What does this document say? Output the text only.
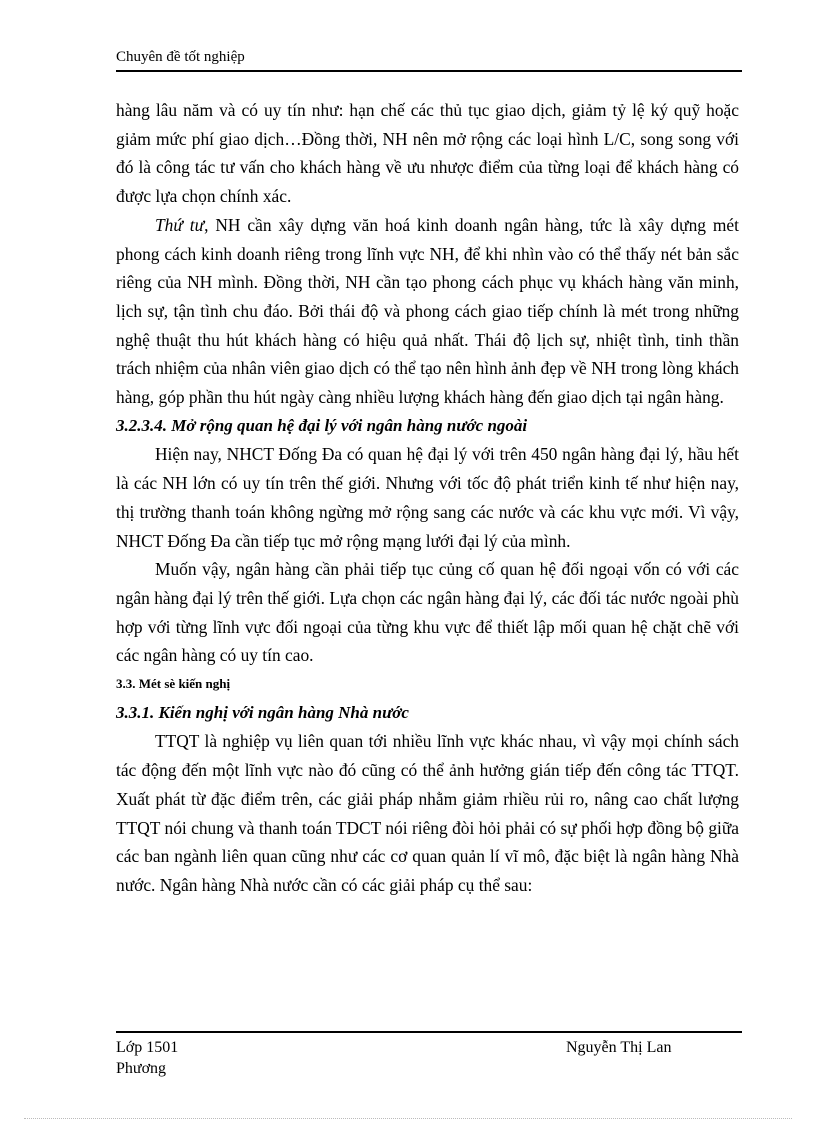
Chuyên đề tốt nghiệp

hàng lâu năm và có uy tín như: hạn chế các thủ tục giao dịch, giảm tỷ lệ ký quỹ hoặc giảm mức phí giao dịch…Đồng thời, NH nên mở rộng các loại hình L/C, song song với đó là công tác tư vấn cho khách hàng về ưu nhược điểm của từng loại để khách hàng có được lựa chọn chính xác.

Thứ tư, NH cần xây dựng văn hoá kinh doanh ngân hàng, tức là xây dựng mét phong cách kinh doanh riêng trong lĩnh vực NH, để khi nhìn vào có thể thấy nét bản sắc riêng của NH mình. Đồng thời, NH cần tạo phong cách phục vụ khách hàng văn minh, lịch sự, tận tình chu đáo. Bởi thái độ và phong cách giao tiếp chính là mét trong những nghệ thuật thu hút khách hàng có hiệu quả nhất. Thái độ lịch sự, nhiệt tình, tinh thần trách nhiệm của nhân viên giao dịch có thể tạo nên hình ảnh đẹp về NH trong lòng khách hàng, góp phần thu hút ngày càng nhiều lượng khách hàng đến giao dịch tại ngân hàng.

3.2.3.4. Mở rộng quan hệ đại lý với ngân hàng nước ngoài

Hiện nay, NHCT Đống Đa có quan hệ đại lý với trên 450 ngân hàng đại lý, hầu hết là các NH lớn có uy tín trên thế giới. Nhưng với tốc độ phát triển kinh tế như hiện nay, thị trường thanh toán không ngừng mở rộng sang các nước và các khu vực mới. Vì vậy, NHCT Đống Đa cần tiếp tục mở rộng mạng lưới đại lý của mình.

Muốn vậy, ngân hàng cần phải tiếp tục củng cố quan hệ đối ngoại vốn có với các ngân hàng đại lý trên thế giới. Lựa chọn các ngân hàng đại lý, các đối tác nước ngoài phù hợp với từng lĩnh vực đối ngoại của từng khu vực để thiết lập mối quan hệ chặt chẽ với các ngân hàng có uy tín cao.

3.3. Mét sè kiến nghị
3.3.1. Kiến nghị với ngân hàng Nhà nước

TTQT là nghiệp vụ liên quan tới nhiều lĩnh vực khác nhau, vì vậy mọi chính sách tác động đến một lĩnh vực nào đó cũng có thể ảnh hưởng gián tiếp đến công tác TTQT. Xuất phát từ đặc điểm trên, các giải pháp nhằm giảm rhiều rủi ro, nâng cao chất lượng TTQT nói chung và thanh toán TDCT nói riêng đòi hỏi phải có sự phối hợp đồng bộ giữa các ban ngành liên quan cũng như các cơ quan quản lí vĩ mô, đặc biệt là ngân hàng Nhà nước. Ngân hàng Nhà nước cần có các giải pháp cụ thể sau:

Lớp 1501
Phương
Nguyễn Thị Lan
